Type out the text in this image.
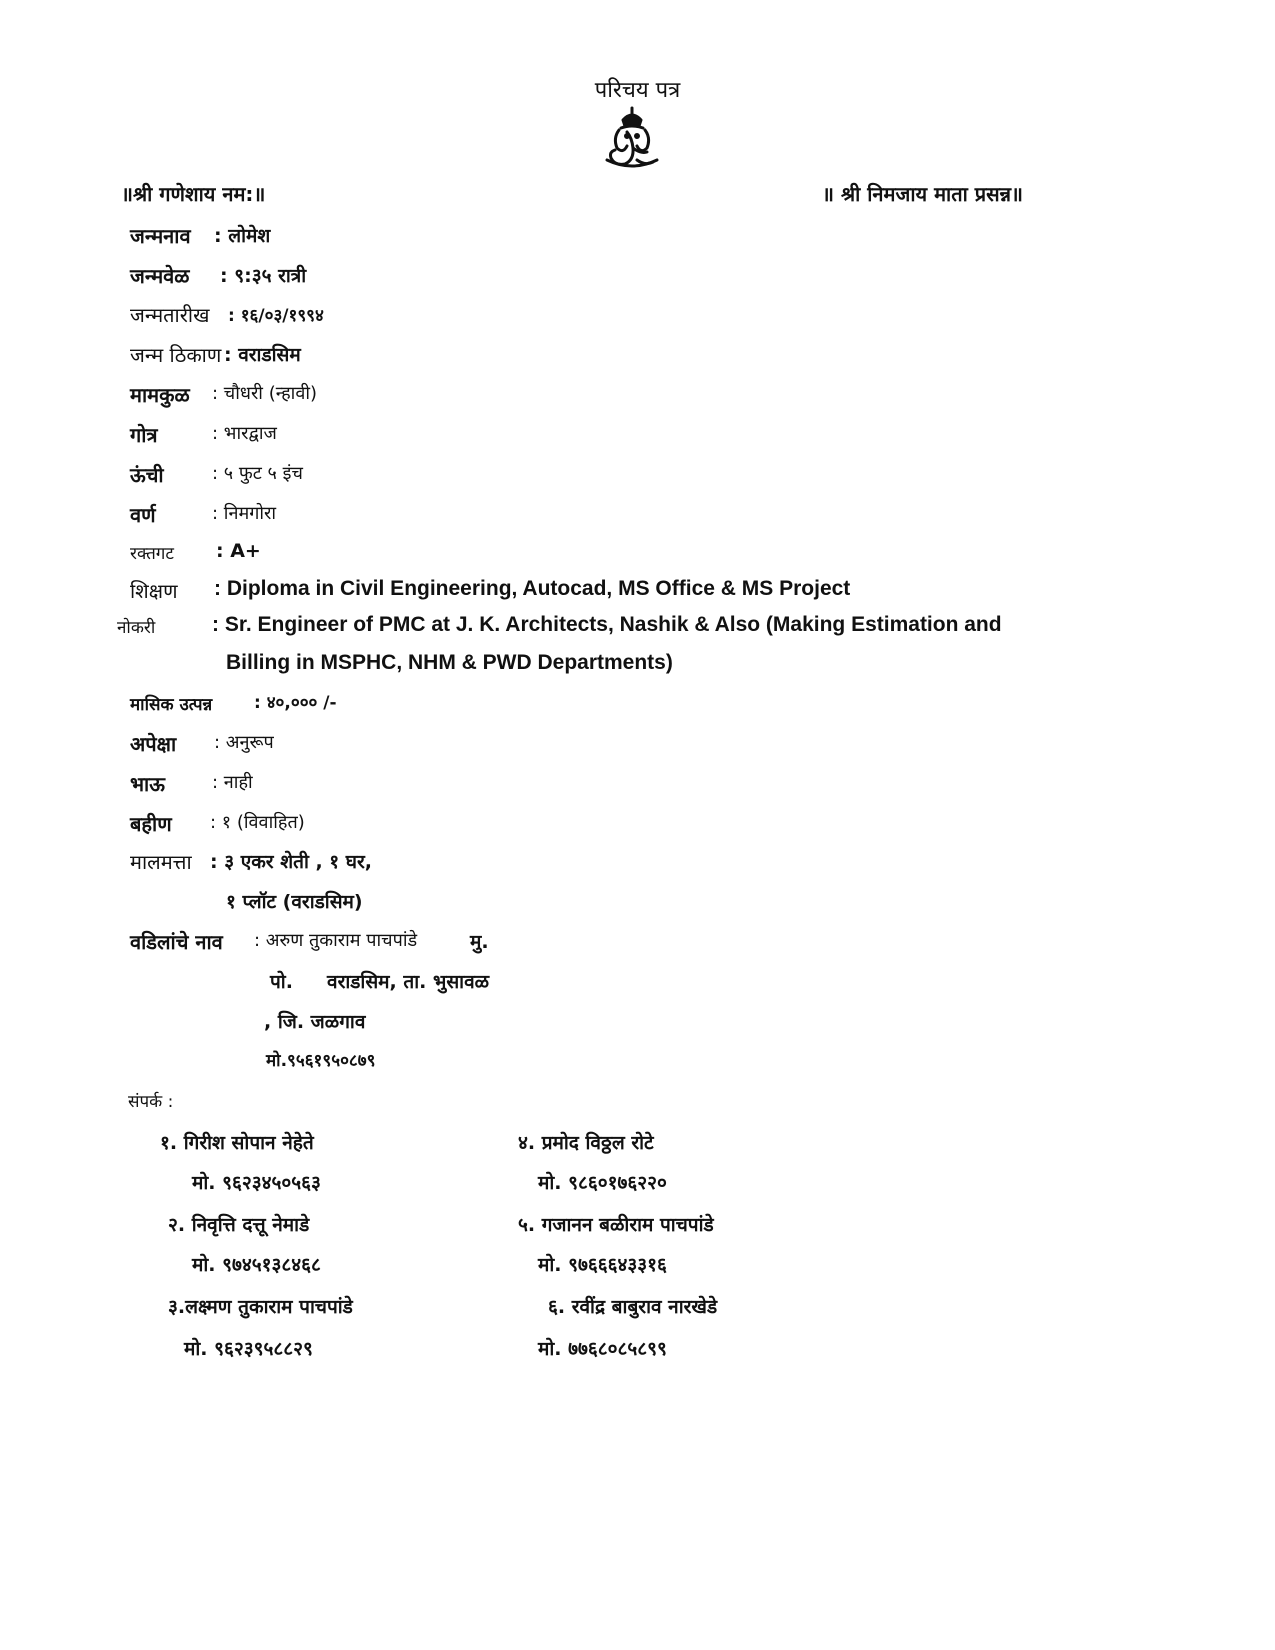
परिचय पत्र
॥श्री गणेशाय नम:॥	॥ श्री निमजाय माता प्रसन्न॥
जन्मनाव : लोमेश
जन्मवेळ : ९:३५ रात्री
जन्मतारीख : १६/०३/१९९४
जन्म ठिकाण : वराडसिम
मामकुळ : चौधरी (न्हावी)
गोत्र	: भारद्वाज
ऊंची	: ५ फुट ५ इंच
वर्ण	: निमगोरा
रक्तगट : A+
शिक्षण : Diploma in Civil Engineering, Autocad, MS Office & MS Project
नोकरी	: Sr. Engineer of PMC at J. K. Architects, Nashik & Also (Making Estimation and
Billing in MSPHC, NHM & PWD Departments)
मासिक उत्पन्न : ४०,००० /-
अपेक्षा : अनुरूप
भाऊ	: नाही
बहीण : १ (विवाहित)
मालमत्ता : ३ एकर शेती , १ घर,
१ प्लॉट (वराडसिम)
वडिलांचे नाव : अरुण तुकाराम पाचपांडे	मु.
पो. वराडसिम, ता. भुसावळ
, जि. जळगाव
मो.९५६१९५०८७९
संपर्क :
१. गिरीश सोपान नेहेते
मो. ९६२३४५०५६३
२. निवृत्ति दत्तू नेमाडे
मो. ९७४५१३८४६८
३.लक्ष्मण तुकाराम पाचपांडे
मो. ९६२३९५८८२९
४. प्रमोद विठ्ठल रोटे
मो. ९८६०१७६२२०
५. गजानन बळीराम पाचपांडे
मो. ९७६६६४३३१६
६. रवींद्र बाबुराव नारखेडे
मो. ७७६८०८५८९९
